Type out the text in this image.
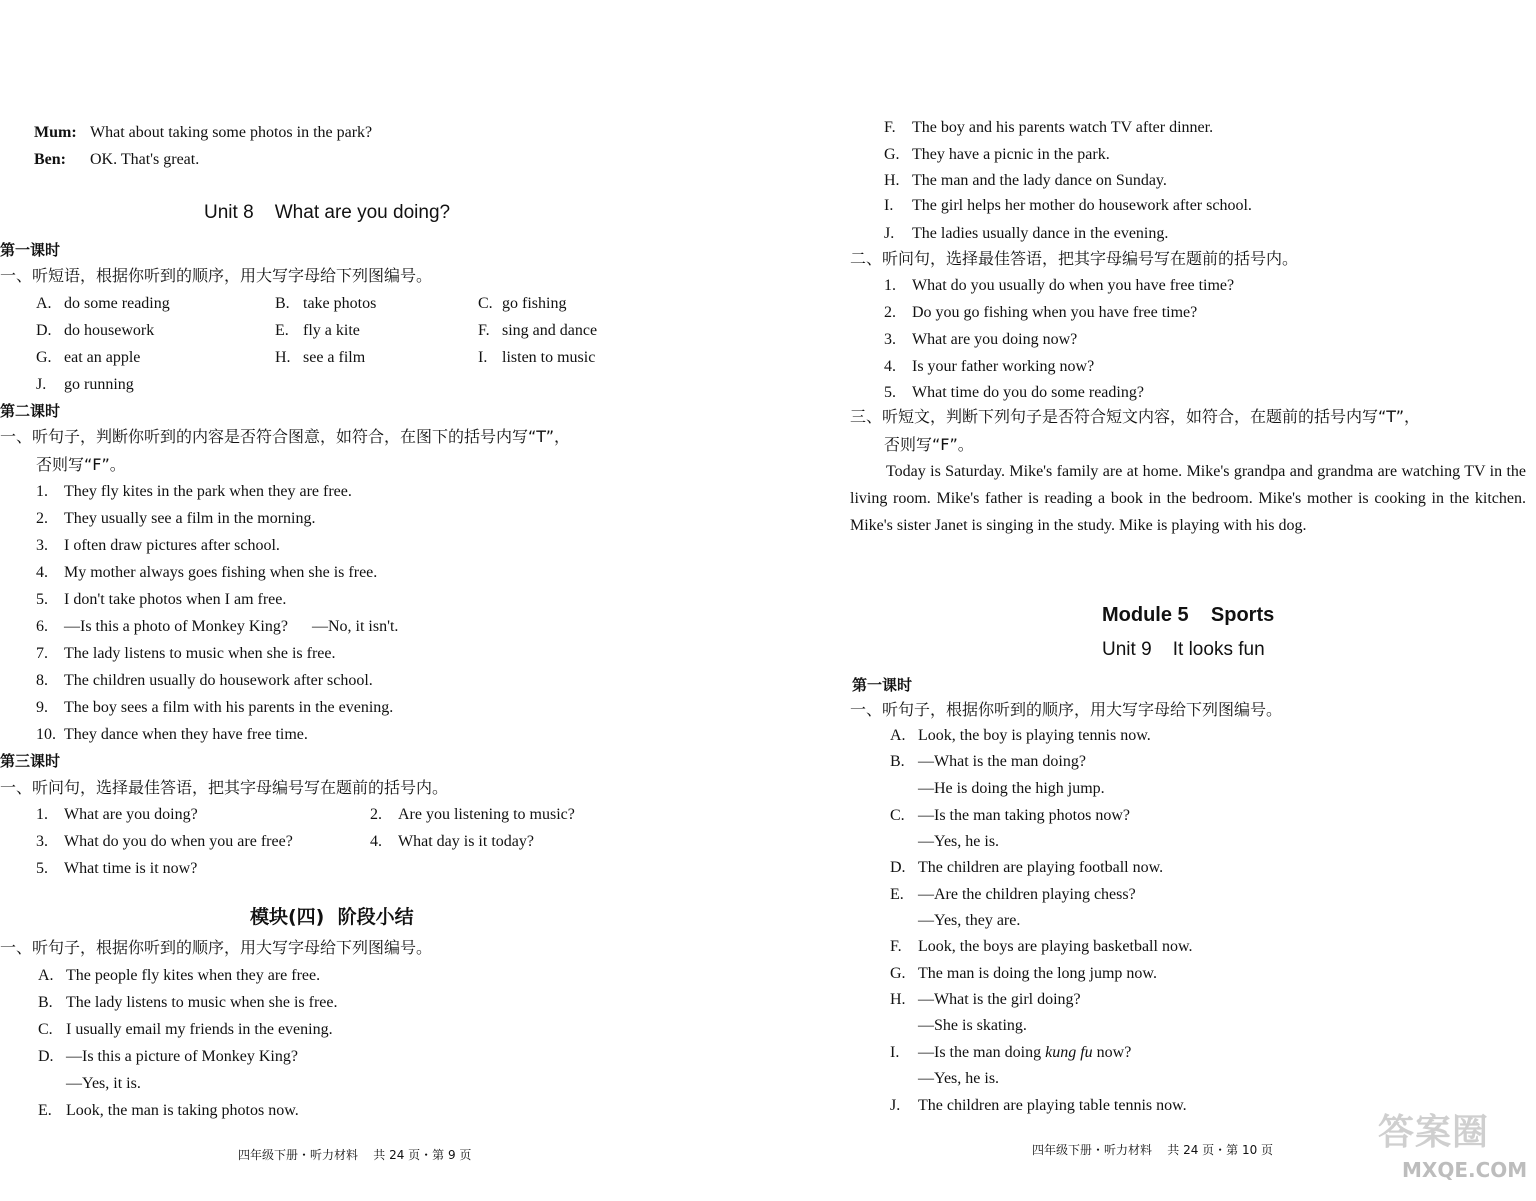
Mum: What about taking some photos in the park?
Ben: OK. That's great.
Unit 8    What are you doing?
第一课时
一、听短语，根据你听到的顺序，用大写字母给下列图编号。
A. do some reading	B. take photos	C. go fishing
D. do housework	E. fly a kite	F. sing and dance
G. eat an apple	H. see a film	I. listen to music
J. go running
第二课时
一、听句子，判断你听到的内容是否符合图意，如符合，在图下的括号内写“T”，
否则写“F”。
1. They fly kites in the park when they are free.
2. They usually see a film in the morning.
3. I often draw pictures after school.
4. My mother always goes fishing when she is free.
5. I don't take photos when I am free.
6. —Is this a photo of Monkey King?      —No, it isn't.
7. The lady listens to music when she is free.
8. The children usually do housework after school.
9. The boy sees a film with his parents in the evening.
10. They dance when they have free time.
第三课时
一、听问句，选择最佳答语，把其字母编号写在题前的括号内。
1. What are you doing?	2. Are you listening to music?
3. What do you do when you are free?	4. What day is it today?
5. What time is it now?
模块(四)  阶段小结
一、听句子，根据你听到的顺序，用大写字母给下列图编号。
A. The people fly kites when they are free.
B. The lady listens to music when she is free.
C. I usually email my friends in the evening.
D. —Is this a picture of Monkey King?
—Yes, it is.
E. Look, the man is taking photos now.
四年级下册・听力材料    共 24 页・第 9 页
F. The boy and his parents watch TV after dinner.
G. They have a picnic in the park.
H. The man and the lady dance on Sunday.
I. The girl helps her mother do housework after school.
J. The ladies usually dance in the evening.
二、听问句，选择最佳答语，把其字母编号写在题前的括号内。
1. What do you usually do when you have free time?
2. Do you go fishing when you have free time?
3. What are you doing now?
4. Is your father working now?
5. What time do you do some reading?
三、听短文，判断下列句子是否符合短文内容，如符合，在题前的括号内写“T”，
否则写“F”。
Today is Saturday. Mike's family are at home. Mike's grandpa and grandma are watching TV in the living room. Mike's father is reading a book in the bedroom. Mike's mother is cooking in the kitchen. Mike's sister Janet is singing in the study. Mike is playing with his dog.
Module 5    Sports
Unit 9    It looks fun
第一课时
一、听句子，根据你听到的顺序，用大写字母给下列图编号。
A. Look, the boy is playing tennis now.
B. —What is the man doing?
—He is doing the high jump.
C. —Is the man taking photos now?
—Yes, he is.
D. The children are playing football now.
E. —Are the children playing chess?
—Yes, they are.
F. Look, the boys are playing basketball now.
G. The man is doing the long jump now.
H. —What is the girl doing?
—She is skating.
I. —Is the man doing kung fu now?
—Yes, he is.
J. The children are playing table tennis now.
四年级下册・听力材料    共 24 页・第 10 页	答案圈
MXQE.COM
